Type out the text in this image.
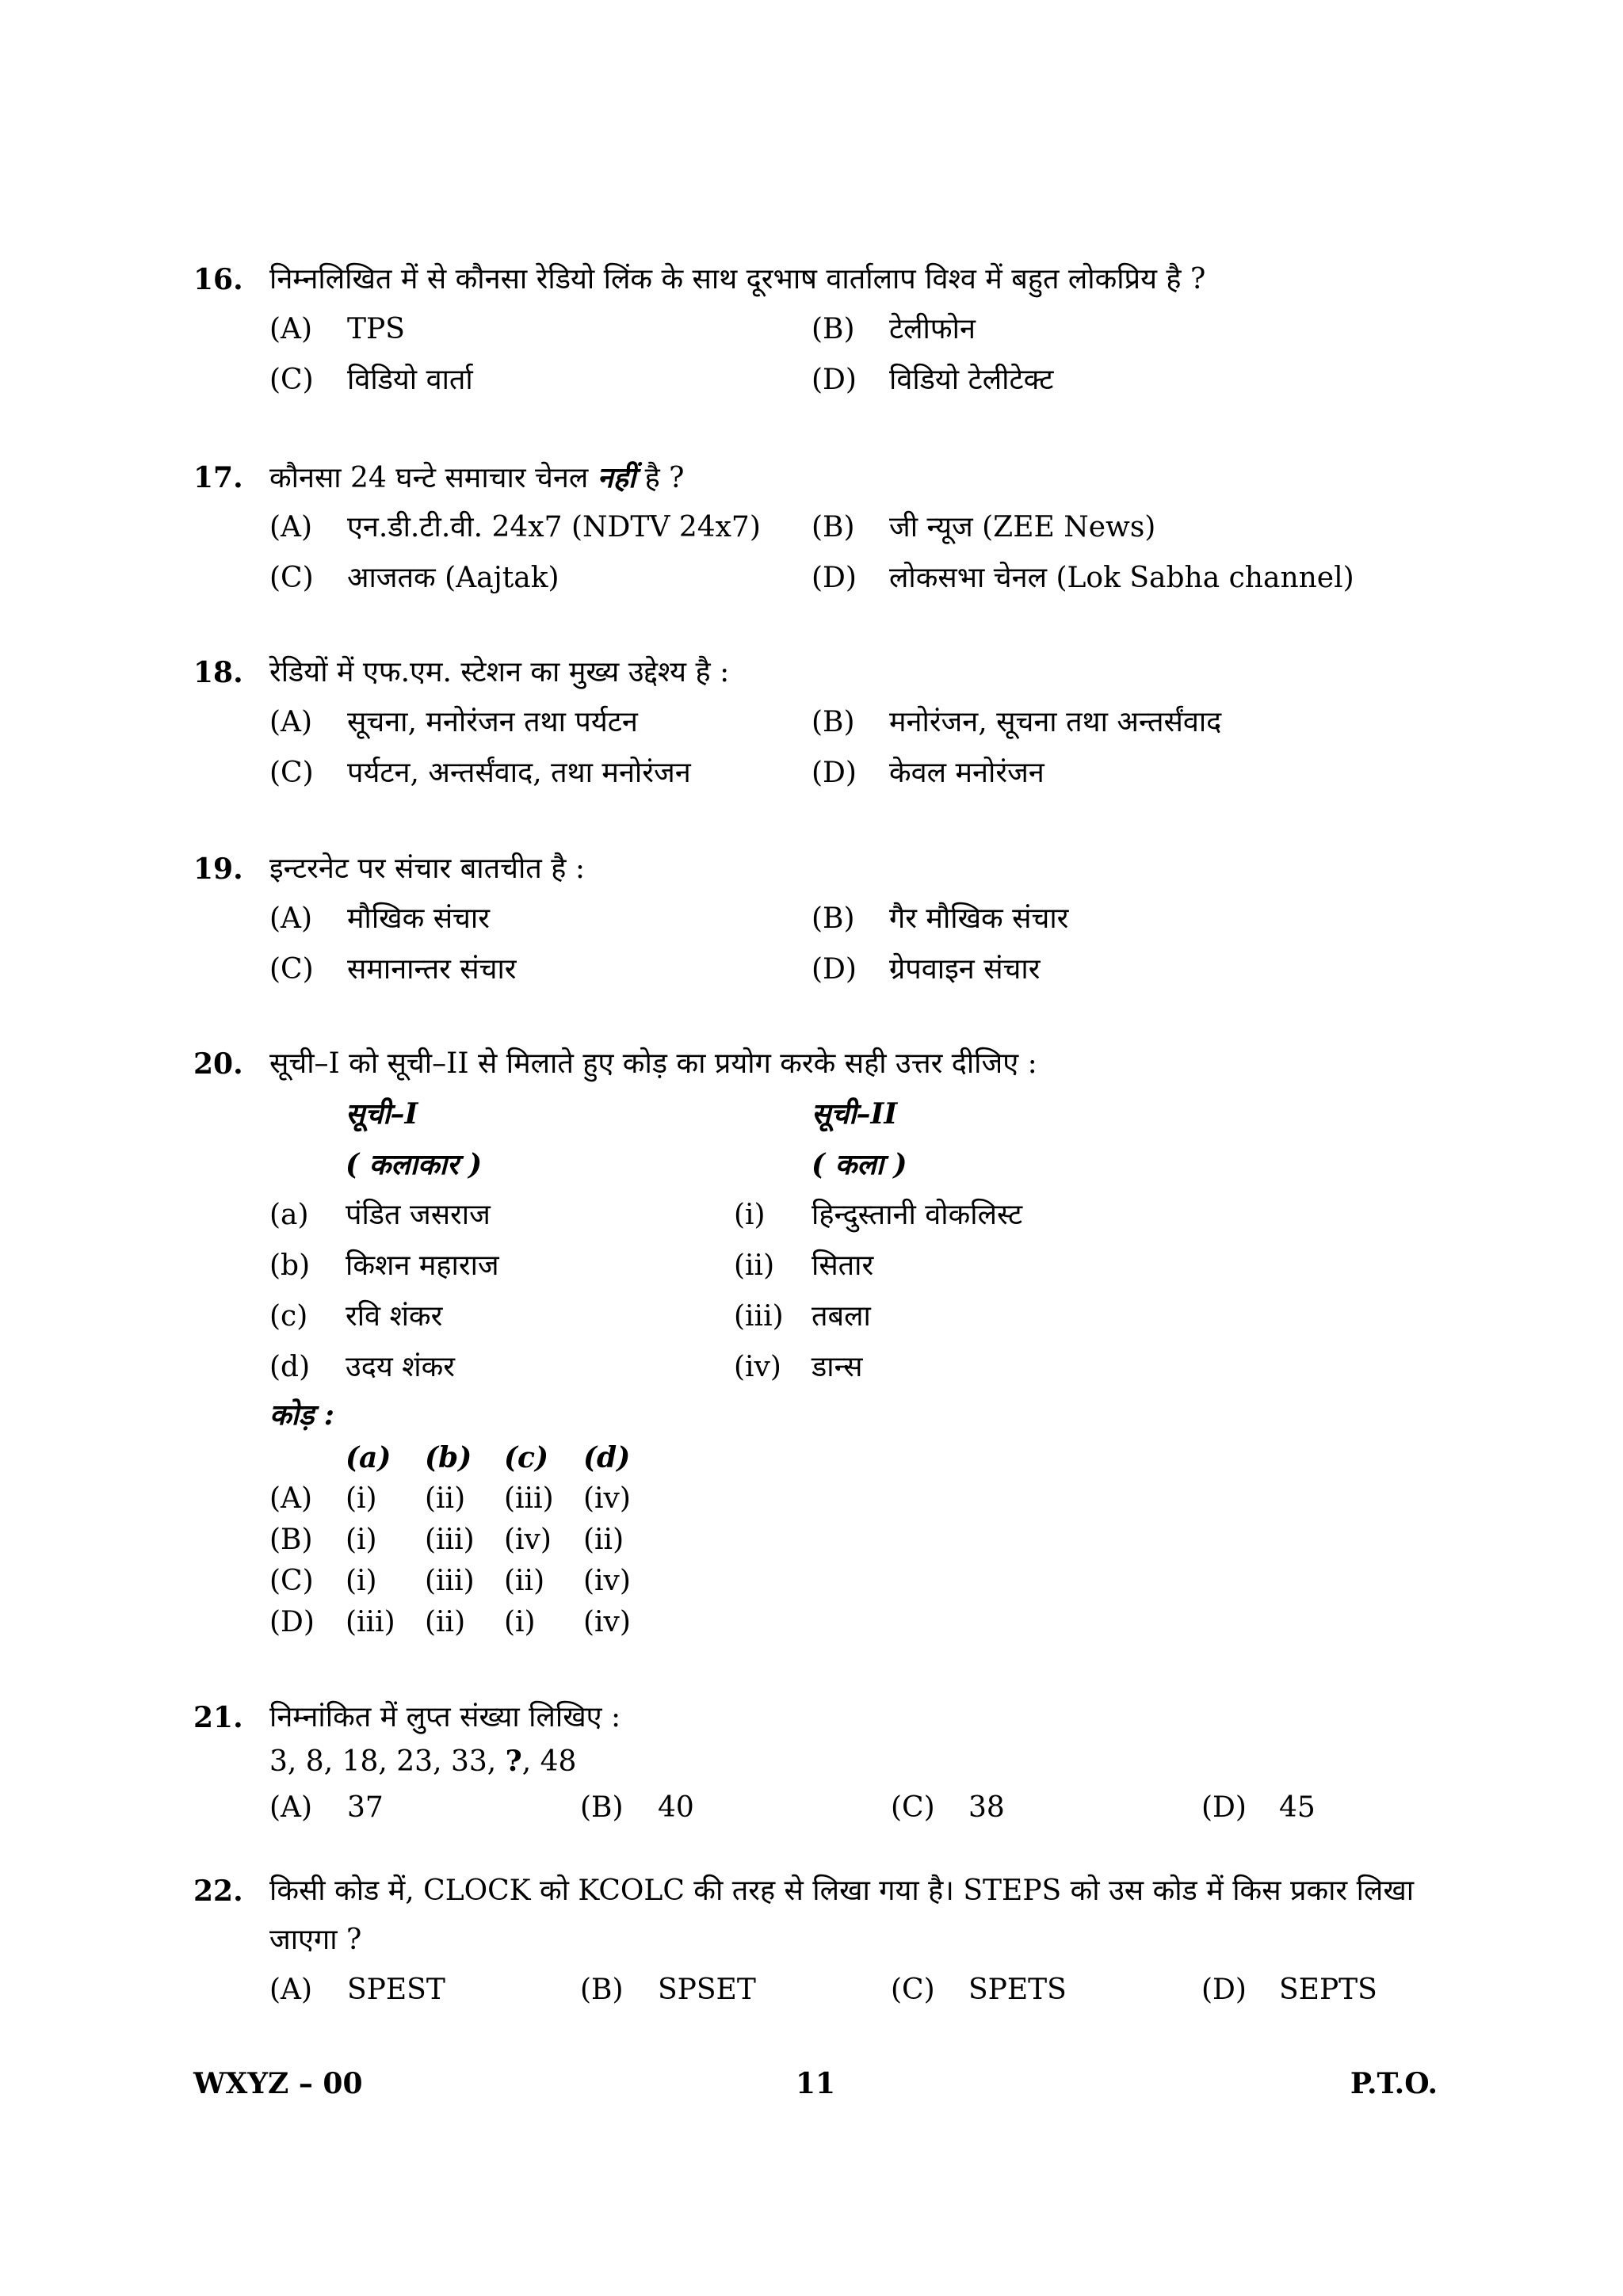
16. निम्नलिखित में से कौनसा रेडियो लिंक के साथ दूरभाष वार्तालाप विश्व में बहुत लोकप्रिय है ?
(A) TPS	(B) टेलीफोन
(C) विडियो वार्ता	(D) विडियो टेलीटेक्ट
17. कौनसा 24 घन्टे समाचार चेनल नहीं है ?
(A) एन.डी.टी.वी. 24x7 (NDTV 24x7) (B) जी न्यूज (ZEE News)
(C) आजतक (Aajtak)	(D) लोकसभा चेनल (Lok Sabha channel)
18. रेडियों में एफ.एम. स्टेशन का मुख्य उद्देश्य है :
(A) सूचना, मनोरंजन तथा पर्यटन	(B) मनोरंजन, सूचना तथा अन्तर्संवाद
(C) पर्यटन, अन्तर्संवाद, तथा मनोरंजन	(D) केवल मनोरंजन
19. इन्टरनेट पर संचार बातचीत है :
(A) मौखिक संचार	(B) गैर मौखिक संचार
(C) समानान्तर संचार	(D) ग्रेपवाइन संचार
20. सूची–I को सूची–II से मिलाते हुए कोड़ का प्रयोग करके सही उत्तर दीजिए :
सूची–I	सूची–II
( कलाकार )	( कला )
(a) पंडित जसराज	(i) हिन्दुस्तानी वोकलिस्ट
(b) किशन महाराज	(ii) सितार
(c) रवि शंकर	(iii) तबला
(d) उदय शंकर	(iv) डान्स
कोड़ :
(a) (b) (c) (d)
(A) (i) (ii) (iii) (iv)
(B) (i) (iii) (iv) (ii)
(C) (i) (iii) (ii) (iv)
(D) (iii) (ii) (i) (iv)
21. निम्नांकित में लुप्त संख्या लिखिए :
3, 8, 18, 23, 33, ?, 48
(A) 37	(B) 40	(C) 38	(D) 45
22. किसी कोड में, CLOCK को KCOLC की तरह से लिखा गया है। STEPS को उस कोड में किस प्रकार लिखा जाएगा ?
(A) SPEST	(B) SPSET	(C) SPETS	(D) SEPTS
WXYZ – 00	11	P.T.O.
